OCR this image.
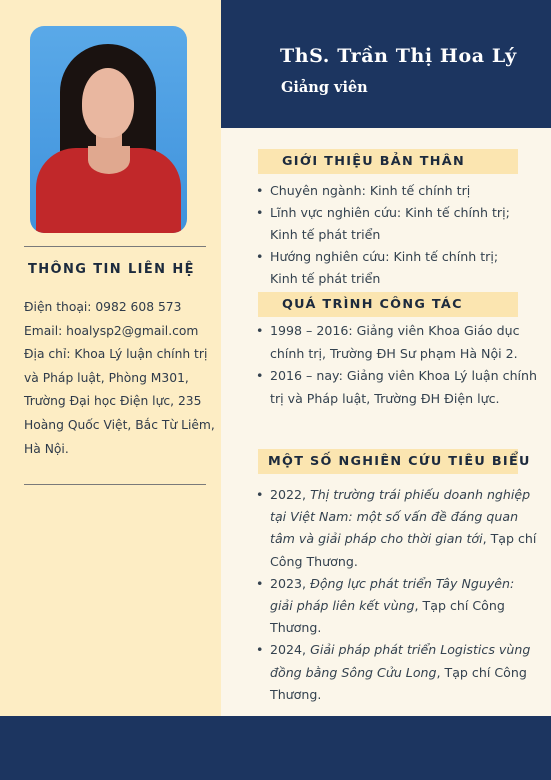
THÔNG TIN LIÊN HỆ
Điện thoại: 0982 608 573
Email: hoalysp2@gmail.com
Địa chỉ: Khoa Lý luận chính trị
và Pháp luật, Phòng M301,
Trường Đại học Điện lực, 235
Hoàng Quốc Việt, Bắc Từ Liêm,
Hà Nội.
ThS. Trần Thị Hoa Lý
Giảng viên
GIỚI THIỆU BẢN THÂN
• Chuyên ngành: Kinh tế chính trị
• Lĩnh vực nghiên cứu: Kinh tế chính trị;
Kinh tế phát triển
• Hướng nghiên cứu: Kinh tế chính trị;
Kinh tế phát triển
QUÁ TRÌNH CÔNG TÁC
• 1998 – 2016: Giảng viên Khoa Giáo dục
chính trị, Trường ĐH Sư phạm Hà Nội 2.
• 2016 – nay: Giảng viên Khoa Lý luận chính
trị và Pháp luật, Trường ĐH Điện lực.
MỘT SỐ NGHIÊN CỨU TIÊU BIỂU
• 2022, Thị trường trái phiếu doanh nghiệp
tại Việt Nam: một số vấn đề đáng quan
tâm và giải pháp cho thời gian tới, Tạp chí
Công Thương.
• 2023, Động lực phát triển Tây Nguyên:
giải pháp liên kết vùng, Tạp chí Công
Thương.
• 2024, Giải pháp phát triển Logistics vùng
đồng bằng Sông Cửu Long, Tạp chí Công
Thương.
